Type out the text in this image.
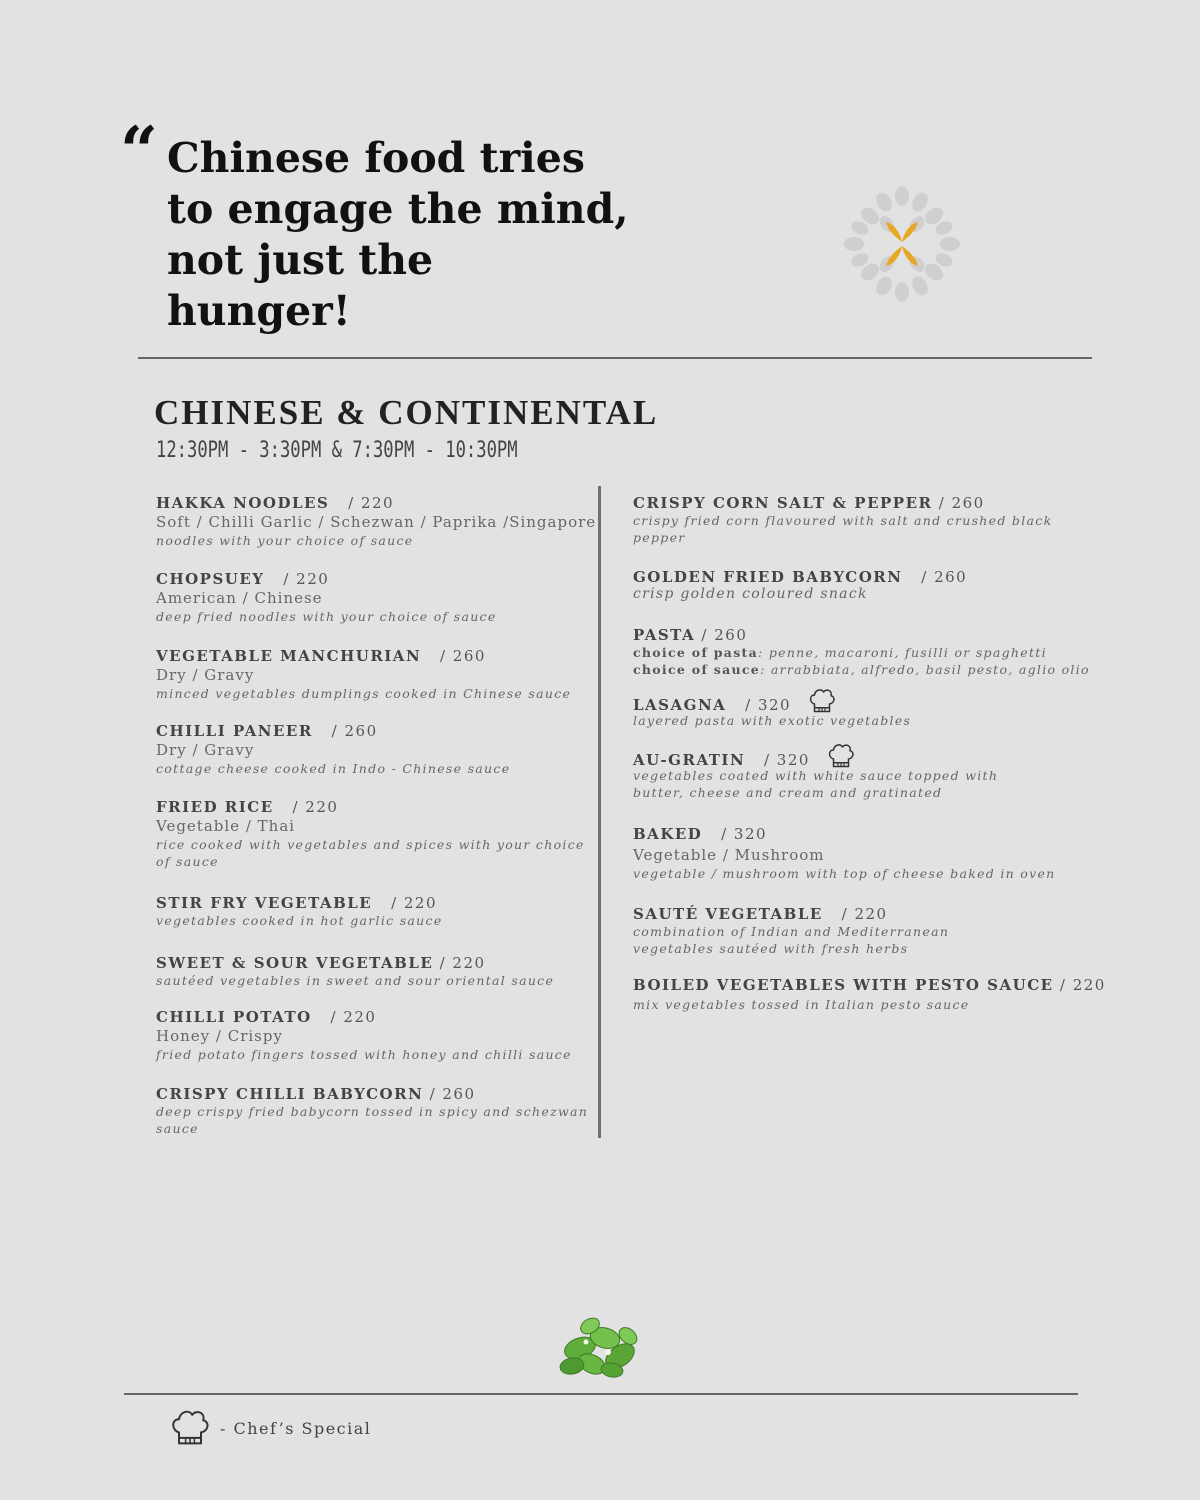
“ Chinese food tries
to engage the mind,
not just the
hunger!
CHINESE & CONTINENTAL
12:30PM - 3:30PM & 7:30PM - 10:30PM
HAKKA NOODLES / 220
Soft / Chilli Garlic / Schezwan / Paprika /Singapore
noodles with your choice of sauce
CHOPSUEY / 220
American / Chinese
deep fried noodles with your choice of sauce
VEGETABLE MANCHURIAN / 260
Dry / Gravy
minced vegetables dumplings cooked in Chinese sauce
CHILLI PANEER / 260
Dry / Gravy
cottage cheese cooked in Indo - Chinese sauce
FRIED RICE / 220
Vegetable / Thai
rice cooked with vegetables and spices with your choice of sauce
STIR FRY VEGETABLE / 220
vegetables cooked in hot garlic sauce
SWEET & SOUR VEGETABLE / 220
sautéed vegetables in sweet and sour oriental sauce
CHILLI POTATO / 220
Honey / Crispy
fried potato fingers tossed with honey and chilli sauce
CRISPY CHILLI BABYCORN / 260
deep crispy fried babycorn tossed in spicy and schezwan sauce
CRISPY CORN SALT & PEPPER / 260
crispy fried corn flavoured with salt and crushed black pepper
GOLDEN FRIED BABYCORN / 260
crisp golden coloured snack
PASTA / 260
choice of pasta: penne, macaroni, fusilli or spaghetti
choice of sauce: arrabbiata, alfredo, basil pesto, aglio olio
LASAGNA / 320
layered pasta with exotic vegetables
AU-GRATIN / 320
vegetables coated with white sauce topped with butter, cheese and cream and gratinated
BAKED / 320
Vegetable / Mushroom
vegetable / mushroom with top of cheese baked in oven
SAUTÉ VEGETABLE / 220
combination of Indian and Mediterranean vegetables sautéed with fresh herbs
BOILED VEGETABLES WITH PESTO SAUCE / 220
mix vegetables tossed in Italian pesto sauce
- Chef’s Special
